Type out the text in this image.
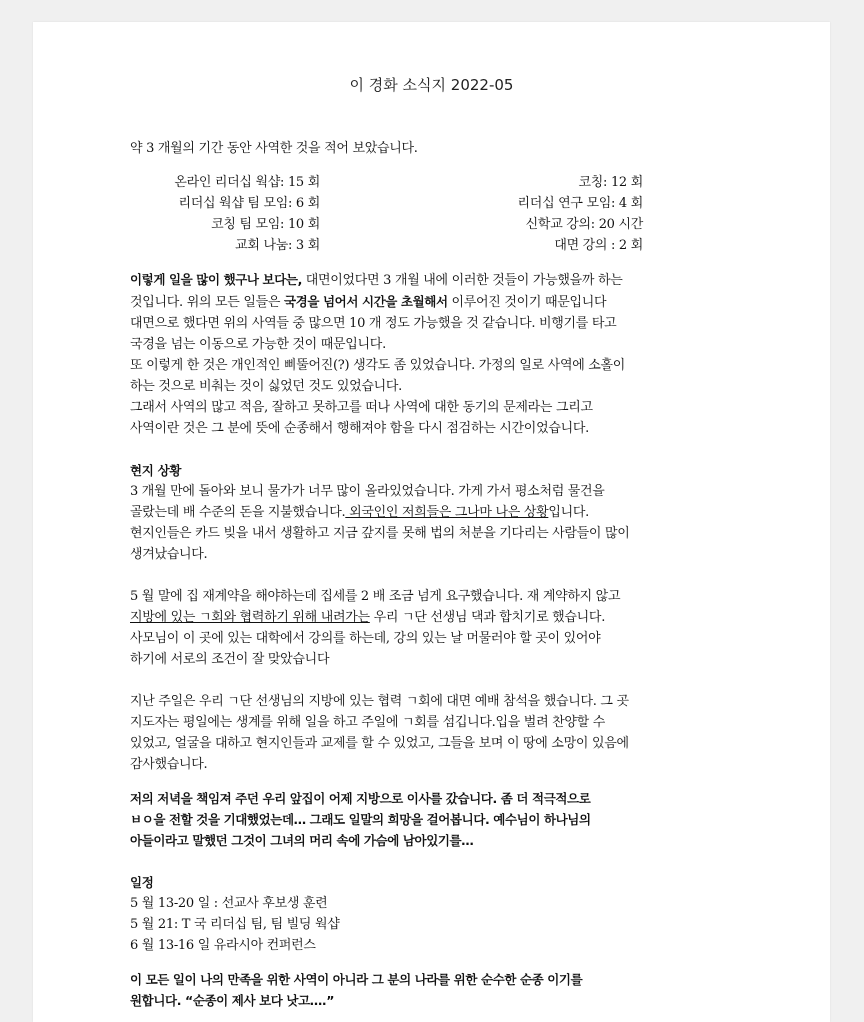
이 경화 소식지 2022-05
약 3 개월의 기간 동안 사역한 것을 적어 보았습니다.
온라인 리더십 웍샵: 15 회	코칭: 12 회
리더십 웍샵 팀 모임: 6 회	리더십 연구 모임: 4 회
코칭 팀 모임: 10 회	신학교 강의: 20 시간
교회 나눔: 3 회	대면 강의 : 2 회
이렇게 일을 많이 했구나 보다는, 대면이었다면 3 개월 내에 이러한 것들이 가능했을까 하는
것입니다. 위의 모든 일들은 국경을 넘어서 시간을 초월해서 이루어진 것이기 때문입니다
대면으로 했다면 위의 사역들 중 많으면 10 개 정도 가능했을 것 같습니다. 비행기를 타고
국경을 넘는 이동으로 가능한 것이 때문입니다.
또 이렇게 한 것은 개인적인 삐뚤어진(?) 생각도 좀 있었습니다. 가정의 일로 사역에 소홀이
하는 것으로 비춰는 것이 싫었던 것도 있었습니다.
그래서 사역의 많고 적음, 잘하고 못하고를 떠나 사역에 대한 동기의 문제라는 그리고
사역이란 것은 그 분에 뜻에 순종해서 행해져야 함을 다시 점검하는 시간이었습니다.
현지 상황
3 개월 만에 돌아와 보니 물가가 너무 많이 올라있었습니다. 가게 가서 평소처럼 물건을
골랐는데 배 수준의 돈을 지불했습니다. 외국인인 저희들은 그나마 나은 상황입니다.
현지인들은 카드 빚을 내서 생활하고 지금 갚지를 못해 법의 처분을 기다리는 사람들이 많이
생겨났습니다.
5 월 말에 집 재계약을 해야하는데 집세를 2 배 조금 넘게 요구했습니다. 재 계약하지 않고
지방에 있는 ㄱ회와 협력하기 위해 내려가는 우리 ㄱ단 선생님 댁과 합치기로 했습니다.
사모님이 이 곳에 있는 대학에서 강의를 하는데, 강의 있는 날 머물러야 할 곳이 있어야
하기에 서로의 조건이 잘 맞았습니다
지난 주일은 우리 ㄱ단 선생님의 지방에 있는 협력 ㄱ회에 대면 예배 참석을 했습니다. 그 곳
지도자는 평일에는 생계를 위해 일을 하고 주일에 ㄱ회를 섬깁니다.입을 벌려 찬양할 수
있었고, 얼굴을 대하고 현지인들과 교제를 할 수 있었고, 그들을 보며 이 땅에 소망이 있음에
감사했습니다.
저의 저녁을 책임져 주던 우리 앞집이 어제 지방으로 이사를 갔습니다. 좀 더 적극적으로
ㅂㅇ을 전할 것을 기대했었는데… 그래도 일말의 희망을 걸어봅니다. 예수님이 하나님의
아들이라고 말했던 그것이 그녀의 머리 속에 가슴에 남아있기를…
일정
5 월 13-20 일 : 선교사 후보생 훈련
5 월 21: T 국 리더십 팀, 팀 빌딩 웍샵
6 월 13-16 일 유라시아 컨퍼런스
이 모든 일이 나의 만족을 위한 사역이 아니라 그 분의 나라를 위한 순수한 순종 이기를
원합니다. “순종이 제사 보다 낫고….”
